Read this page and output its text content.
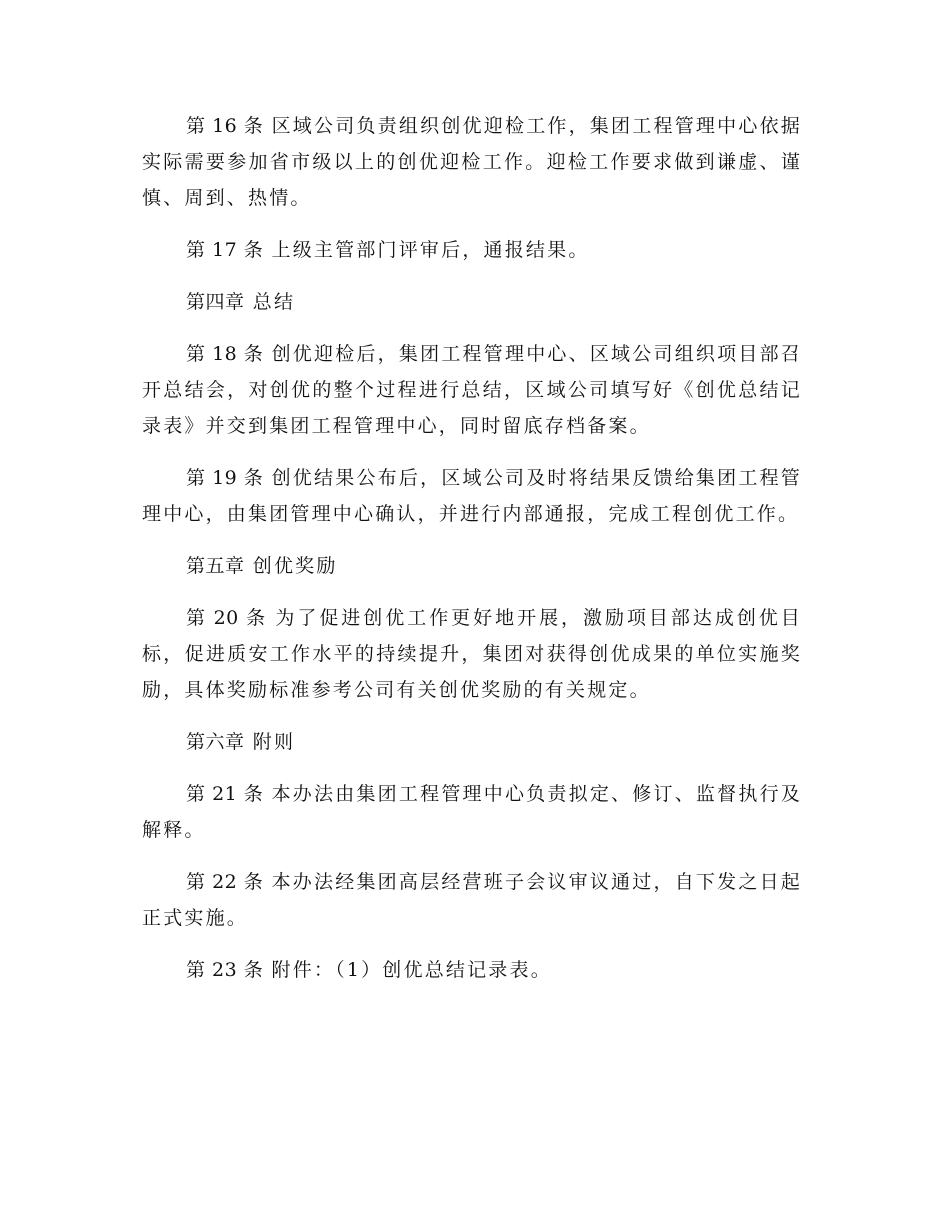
第 16 条 区域公司负责组织创优迎检工作，集团工程管理中心依据实际需要参加省市级以上的创优迎检工作。迎检工作要求做到谦虚、谨慎、周到、热情。

第 17 条 上级主管部门评审后，通报结果。

第四章 总结

第 18 条 创优迎检后，集团工程管理中心、区域公司组织项目部召开总结会，对创优的整个过程进行总结，区域公司填写好《创优总结记录表》并交到集团工程管理中心，同时留底存档备案。

第 19 条 创优结果公布后，区域公司及时将结果反馈给集团工程管理中心，由集团管理中心确认，并进行内部通报，完成工程创优工作。

第五章 创优奖励

第 20 条 为了促进创优工作更好地开展，激励项目部达成创优目标，促进质安工作水平的持续提升，集团对获得创优成果的单位实施奖励，具体奖励标准参考公司有关创优奖励的有关规定。

第六章 附则

第 21 条 本办法由集团工程管理中心负责拟定、修订、监督执行及解释。

第 22 条 本办法经集团高层经营班子会议审议通过，自下发之日起正式实施。

第 23 条 附件：（1）创优总结记录表。
